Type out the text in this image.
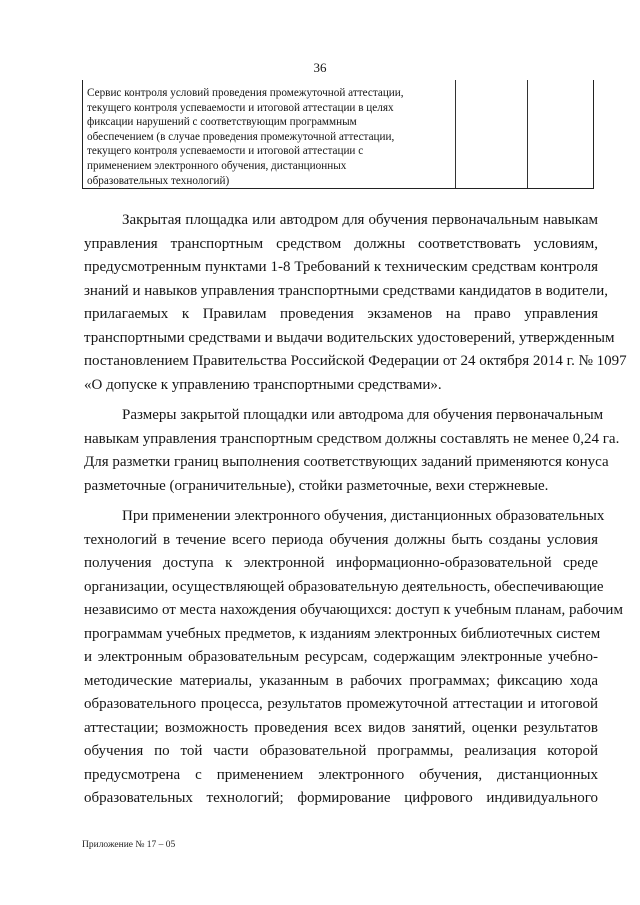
36
Сервис контроля условий проведения промежуточной аттестации,
текущего контроля успеваемости и итоговой аттестации в целях
фиксации нарушений с соответствующим программным
обеспечением (в случае проведения промежуточной аттестации,
текущего контроля успеваемости и итоговой аттестации с
применением электронного обучения, дистанционных
образовательных технологий)
Закрытая площадка или автодром для обучения первоначальным навыкам
управления транспортным средством должны соответствовать условиям,
предусмотренным пунктами 1-8 Требований к техническим средствам контроля
знаний и навыков управления транспортными средствами кандидатов в водители,
прилагаемых к Правилам проведения экзаменов на право управления
транспортными средствами и выдачи водительских удостоверений, утвержденным
постановлением Правительства Российской Федерации от 24 октября 2014 г. № 1097
«О допуске к управлению транспортными средствами».
Размеры закрытой площадки или автодрома для обучения первоначальным
навыкам управления транспортным средством должны составлять не менее 0,24 га.
Для разметки границ выполнения соответствующих заданий применяются конуса
разметочные (ограничительные), стойки разметочные, вехи стержневые.
При применении электронного обучения, дистанционных образовательных
технологий в течение всего периода обучения должны быть созданы условия
получения доступа к электронной информационно-образовательной среде
организации, осуществляющей образовательную деятельность, обеспечивающие
независимо от места нахождения обучающихся: доступ к учебным планам, рабочим
программам учебных предметов, к изданиям электронных библиотечных систем
и электронным образовательным ресурсам, содержащим электронные учебно-
методические материалы, указанным в рабочих программах; фиксацию хода
образовательного процесса, результатов промежуточной аттестации и итоговой
аттестации; возможность проведения всех видов занятий, оценки результатов
обучения по той части образовательной программы, реализация которой
предусмотрена с применением электронного обучения, дистанционных
образовательных технологий; формирование цифрового индивидуального
Приложение № 17 – 05
